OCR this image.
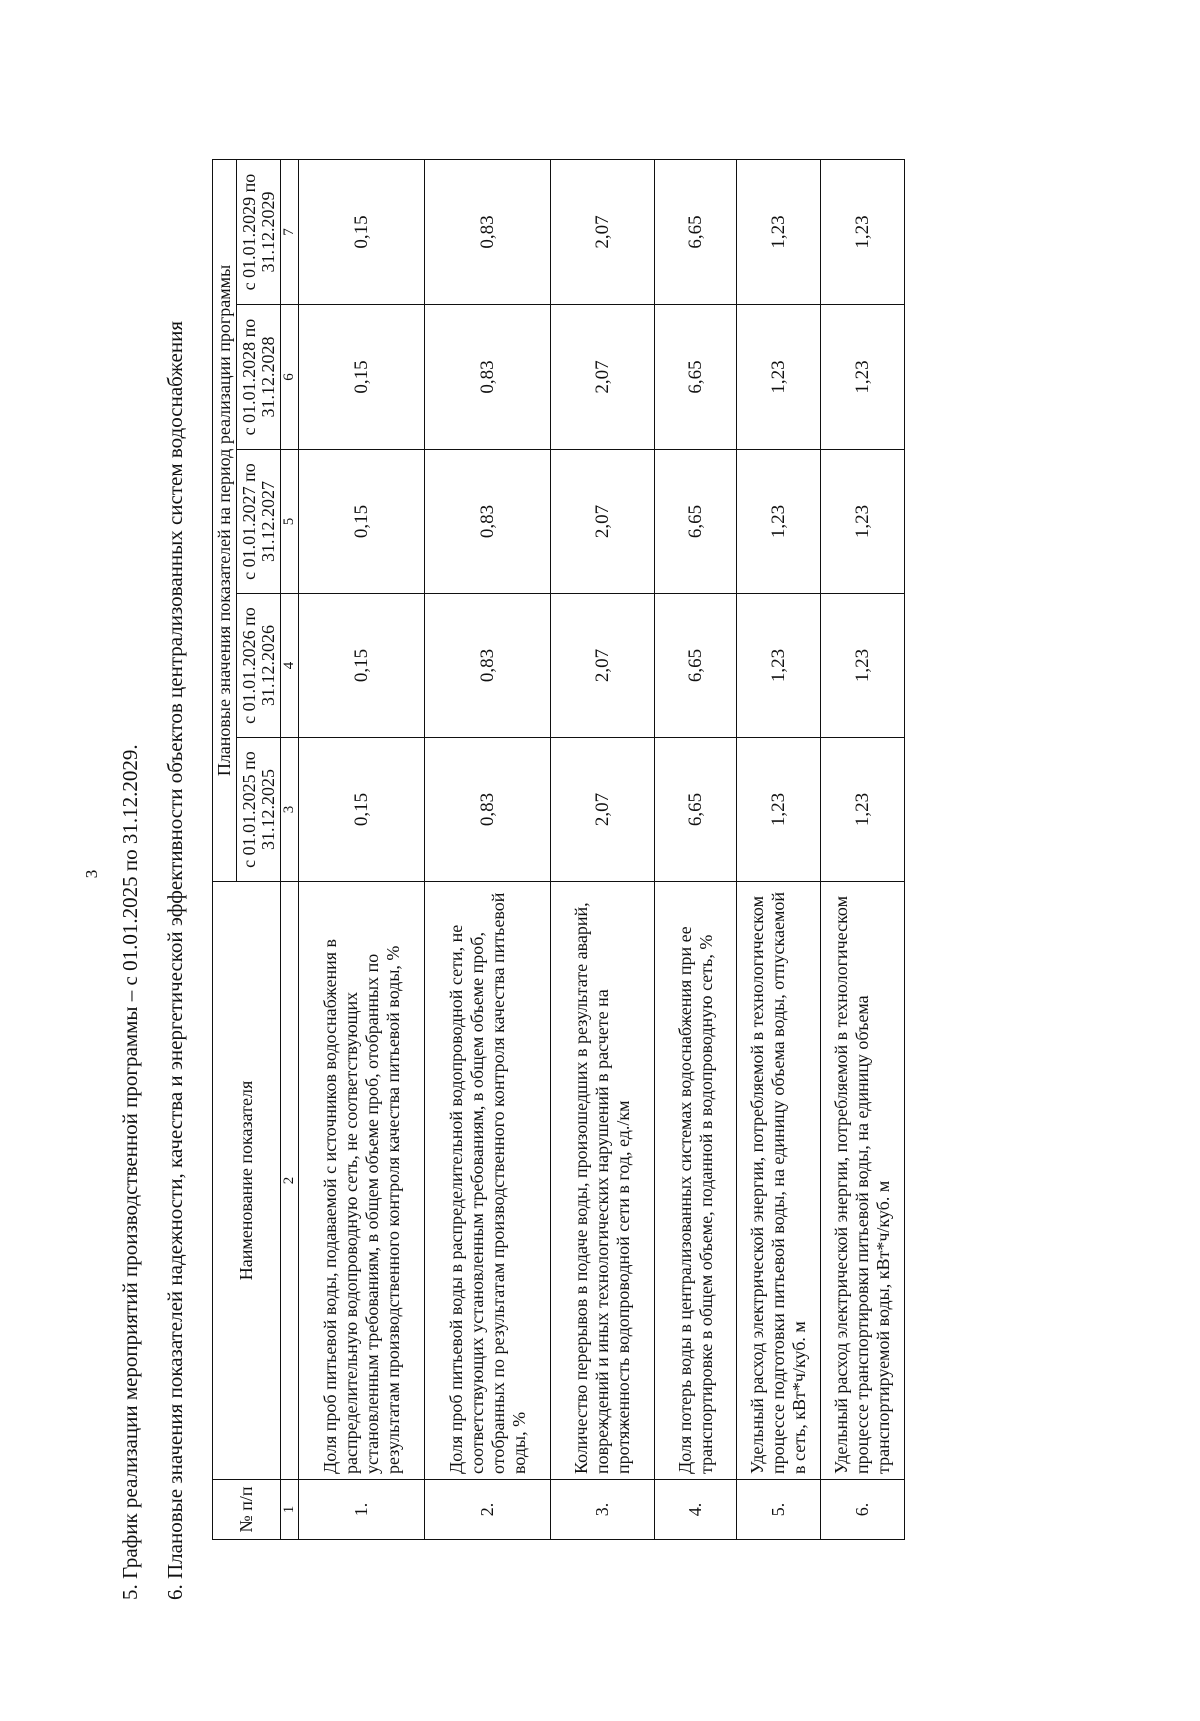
3 5. График реализации мероприятий производственной программы – с 01.01.2025 по 31.12.2029. 6. Плановые значения показателей надежности, качества и энергетической эффективности объектов централизованных систем водоснабжения	№ п/п	Наименование показателя	Плановые значения показателей на период реализации программы				
		с 01.01.2025 по 31.12.2025	с 01.01.2026 по 31.12.2026	с 01.01.2027 по 31.12.2027	с 01.01.2028 по 31.12.2028	с 01.01.2029 по 31.12.2029
1	2	3	4	5	6	7
1.	Доля проб питьевой воды, подаваемой с источников водоснабжения в распределительную водопроводную сеть, не соответствующих установленным требованиям, в общем объеме проб, отобранных по результатам производственного контроля качества питьевой воды, %	0,15	0,15	0,15	0,15	0,15
2.	Доля проб питьевой воды в распределительной водопроводной сети, не соответствующих установленным требованиям, в общем объеме проб, отобранных по результатам производственного контроля качества питьевой воды, %	0,83	0,83	0,83	0,83	0,83
3.	Количество перерывов в подаче воды, произошедших в результате аварий, повреждений и иных технологических нарушений в расчете на протяженность водопроводной сети в год, ед./км	2,07	2,07	2,07	2,07	2,07
4.	Доля потерь воды в централизованных системах водоснабжения при ее транспортировке в общем объеме, поданной в водопроводную сеть, %	6,65	6,65	6,65	6,65	6,65
5.	Удельный расход электрической энергии, потребляемой в технологическом процессе подготовки питьевой воды, на единицу объема воды, отпускаемой в сеть, кВт*ч/куб. м	1,23	1,23	1,23	1,23	1,23
6.	Удельный расход электрической энергии, потребляемой в технологическом процессе транспортировки питьевой воды, на единицу объема транспортируемой воды, кВт*ч/куб. м	1,23	1,23	1,23	1,23	1,23
